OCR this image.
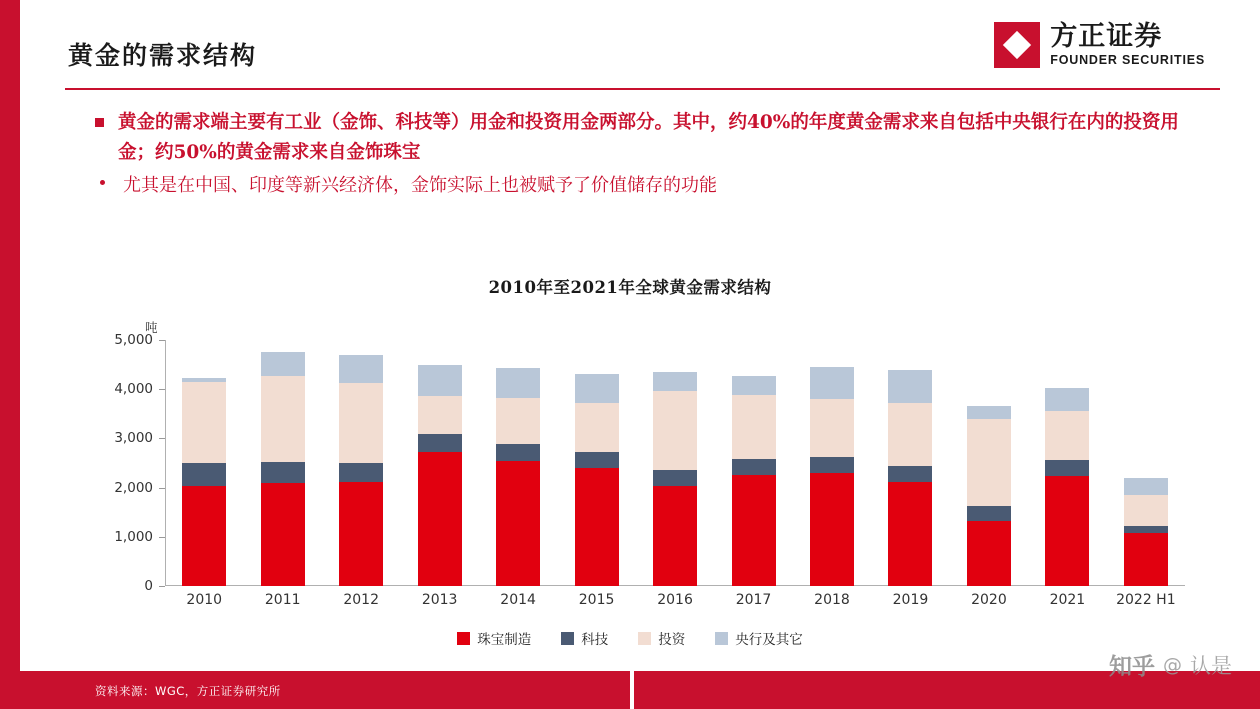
黄金的需求结构
方正证券
FOUNDER SECURITIES
黄金的需求端主要有工业（金饰、科技等）用金和投资用金两部分。其中，约40%的年度黄金需求来自包括中央银行在内的投资用金；约50%的黄金需求来自金饰珠宝
尤其是在中国、印度等新兴经济体，金饰实际上也被赋予了价值储存的功能
2010年至2021年全球黄金需求结构
吨
0
1,000
2,000
3,000
4,000
5,000
2010	2011	2012	2013	2014	2015	2016	2017	2018	2019	2020	2021	2022 H1
珠宝制造	科技	投资	央行及其它
资料来源：WGC，方正证券研究所
知乎 @ 认是
